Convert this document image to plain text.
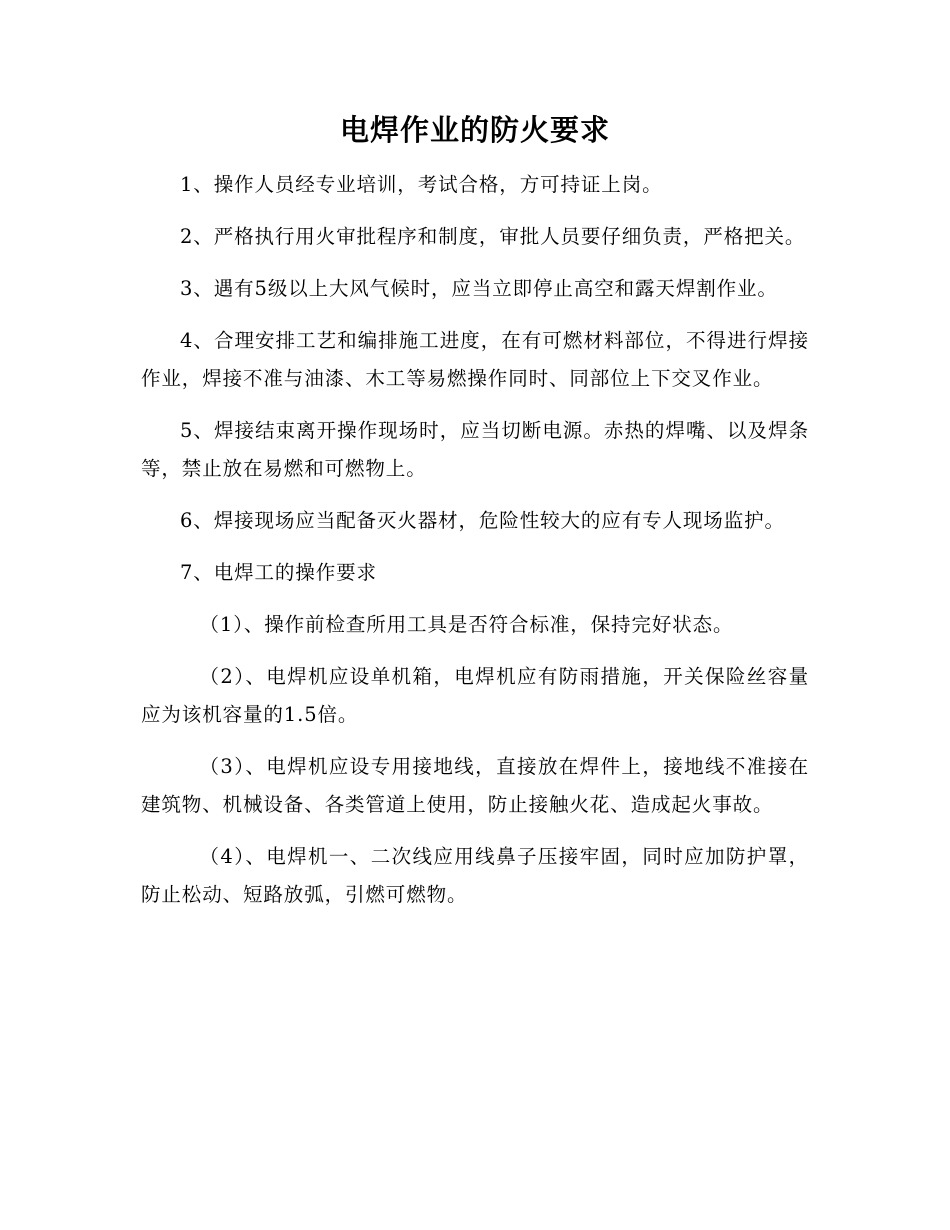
电焊作业的防火要求

1、操作人员经专业培训，考试合格，方可持证上岗。

2、严格执行用火审批程序和制度，审批人员要仔细负责，严格把关。

3、遇有5级以上大风气候时，应当立即停止高空和露天焊割作业。

4、合理安排工艺和编排施工进度，在有可燃材料部位，不得进行焊接作业，焊接不准与油漆、木工等易燃操作同时、同部位上下交叉作业。

5、焊接结束离开操作现场时，应当切断电源。赤热的焊嘴、以及焊条等，禁止放在易燃和可燃物上。

6、焊接现场应当配备灭火器材，危险性较大的应有专人现场监护。

7、电焊工的操作要求

（1）、操作前检查所用工具是否符合标准，保持完好状态。

（2）、电焊机应设单机箱，电焊机应有防雨措施，开关保险丝容量应为该机容量的1.5倍。

（3）、电焊机应设专用接地线，直接放在焊件上，接地线不准接在建筑物、机械设备、各类管道上使用，防止接触火花、造成起火事故。

（4）、电焊机一、二次线应用线鼻子压接牢固，同时应加防护罩，防止松动、短路放弧，引燃可燃物。
